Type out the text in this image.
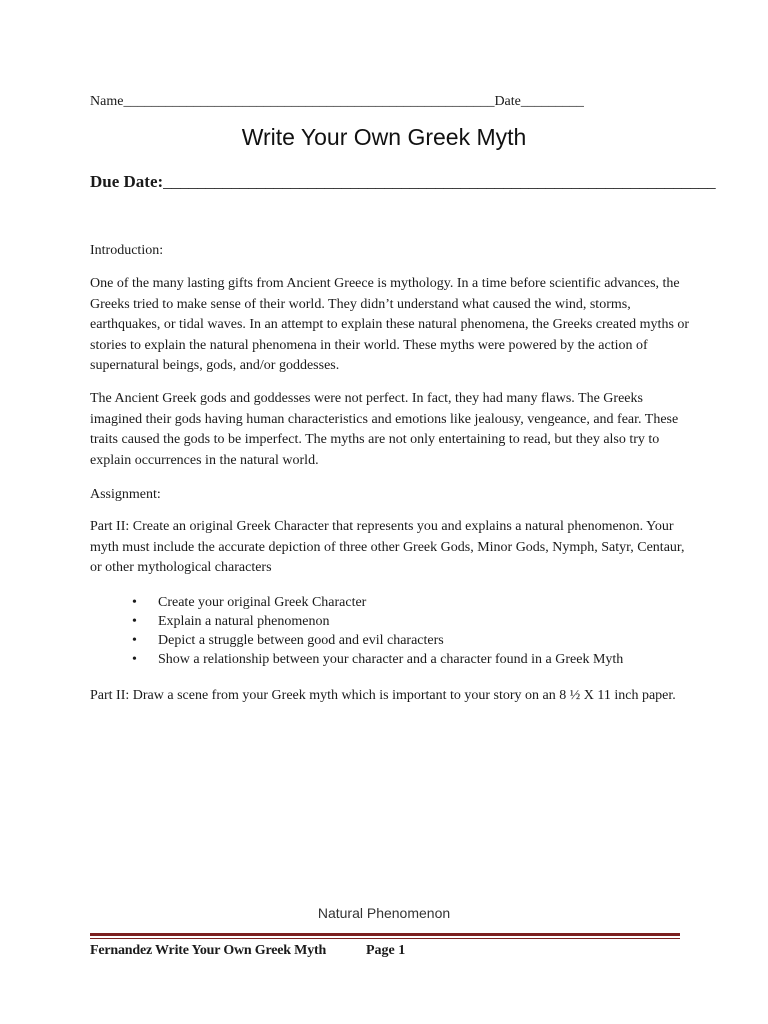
Name_____________________________________________________Date_________
Write Your Own Greek Myth
Due Date:_________________________________________________________________

Introduction:

One of the many lasting gifts from Ancient Greece is mythology. In a time before scientific advances, the Greeks tried to make sense of their world. They didn’t understand what caused the wind, storms, earthquakes, or tidal waves. In an attempt to explain these natural phenomena, the Greeks created myths or stories to explain the natural phenomena in their world. These myths were powered by the action of supernatural beings, gods, and/or goddesses.

The Ancient Greek gods and goddesses were not perfect. In fact, they had many flaws. The Greeks imagined their gods having human characteristics and emotions like jealousy, vengeance, and fear. These traits caused the gods to be imperfect. The myths are not only entertaining to read, but they also try to explain occurrences in the natural world.

Assignment:

Part II: Create an original Greek Character that represents you and explains a natural phenomenon. Your myth must include the accurate depiction of three other Greek Gods, Minor Gods, Nymph, Satyr, Centaur, or other mythological characters

• Create your original Greek Character
• Explain a natural phenomenon
• Depict a struggle between good and evil characters
• Show a relationship between your character and a character found in a Greek Myth

Part II: Draw a scene from your Greek myth which is important to your story on an 8 ½ X 11 inch paper.

Natural Phenomenon
Fernandez Write Your Own Greek Myth	Page 1
